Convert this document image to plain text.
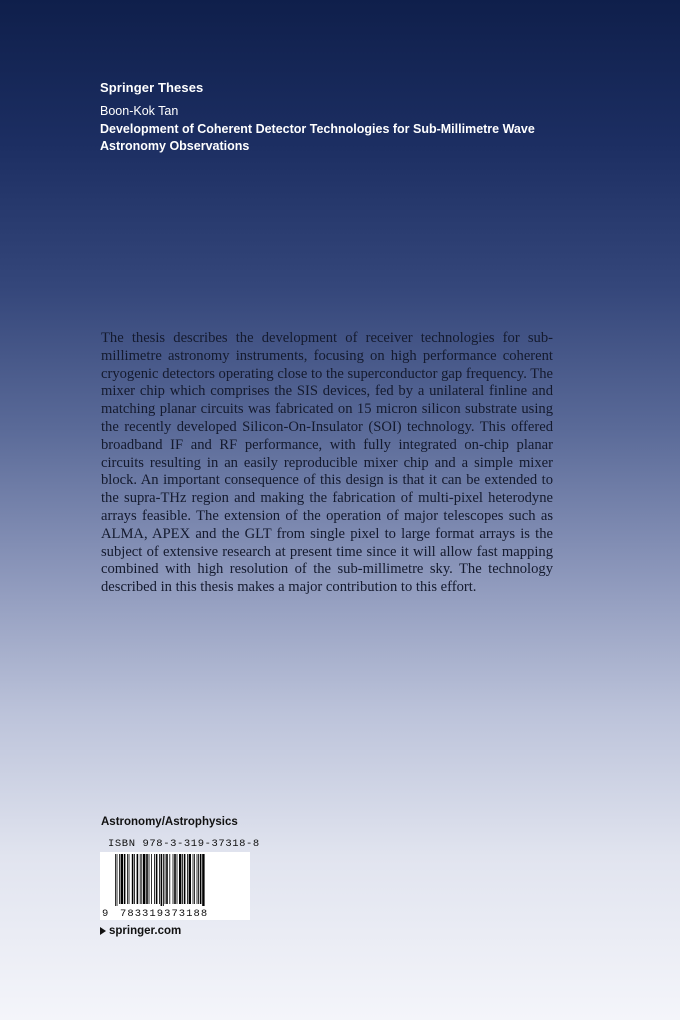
Springer Theses
Boon-Kok Tan
Development of Coherent Detector Technologies for Sub-Millimetre Wave Astronomy Observations
The thesis describes the development of receiver technologies for sub-millimetre astronomy instruments, focusing on high performance coherent cryogenic detectors operating close to the superconductor gap frequency. The mixer chip which comprises the SIS devices, fed by a unilateral finline and matching planar circuits was fabricated on 15 micron silicon substrate using the recently developed Silicon-On-Insulator (SOI) technology. This offered broadband IF and RF performance, with fully integrated on-chip planar circuits resulting in an easily reproducible mixer chip and a simple mixer block. An important consequence of this design is that it can be extended to the supra-THz region and making the fabrication of multi-pixel heterodyne arrays feasible. The extension of the operation of major telescopes such as ALMA, APEX and the GLT from single pixel to large format arrays is the subject of extensive research at present time since it will allow fast mapping combined with high resolution of the sub-millimetre sky. The technology described in this thesis makes a major contribution to this effort.
Astronomy/Astrophysics
ISBN 978-3-319-37318-8
9 783319373188
springer.com
